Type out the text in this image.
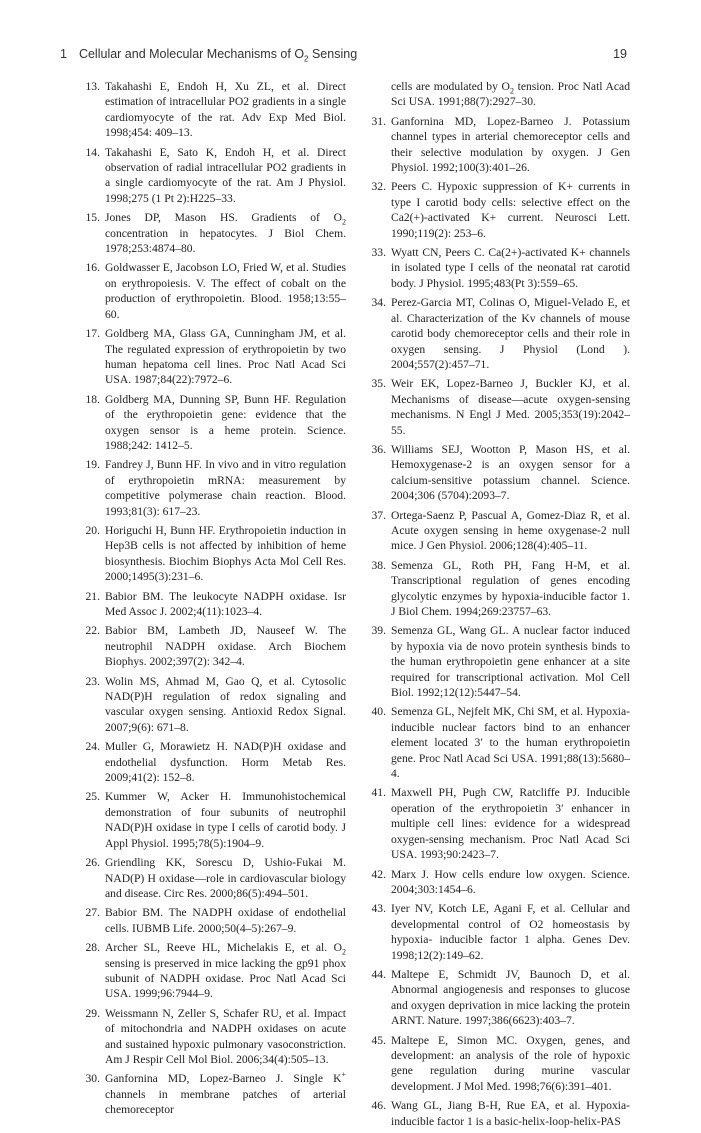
1 Cellular and Molecular Mechanisms of $O_2$ Sensing	19

13. Takahashi E, Endoh H, Xu ZL, et al. Direct estimation of intracellular PO2 gradients in a single cardiomyocyte of the rat. Adv Exp Med Biol. 1998;454: 409–13.

14. Takahashi E, Sato K, Endoh H, et al. Direct observation of radial intracellular PO2 gradients in a single cardiomyocyte of the rat. Am J Physiol. 1998;275 (1 Pt 2):H225–33.

15. Jones DP, Mason HS. Gradients of $O_2$ concentration in hepatocytes. J Biol Chem. 1978;253:4874–80.

16. Goldwasser E, Jacobson LO, Fried W, et al. Studies on erythropoiesis. V. The effect of cobalt on the production of erythropoietin. Blood. 1958;13:55–60.

17. Goldberg MA, Glass GA, Cunningham JM, et al. The regulated expression of erythropoietin by two human hepatoma cell lines. Proc Natl Acad Sci USA. 1987;84(22):7972–6.

18. Goldberg MA, Dunning SP, Bunn HF. Regulation of the erythropoietin gene: evidence that the oxygen sensor is a heme protein. Science. 1988;242: 1412–5.

19. Fandrey J, Bunn HF. In vivo and in vitro regulation of erythropoietin mRNA: measurement by competitive polymerase chain reaction. Blood. 1993;81(3): 617–23.

20. Horiguchi H, Bunn HF. Erythropoietin induction in Hep3B cells is not affected by inhibition of heme biosynthesis. Biochim Biophys Acta Mol Cell Res. 2000;1495(3):231–6.

21. Babior BM. The leukocyte NADPH oxidase. Isr Med Assoc J. 2002;4(11):1023–4.

22. Babior BM, Lambeth JD, Nauseef W. The neutrophil NADPH oxidase. Arch Biochem Biophys. 2002;397(2): 342–4.

23. Wolin MS, Ahmad M, Gao Q, et al. Cytosolic NAD(P)H regulation of redox signaling and vascular oxygen sensing. Antioxid Redox Signal. 2007;9(6): 671–8.

24. Muller G, Morawietz H. NAD(P)H oxidase and endothelial dysfunction. Horm Metab Res. 2009;41(2): 152–8.

25. Kummer W, Acker H. Immunohistochemical demonstration of four subunits of neutrophil NAD(P)H oxidase in type I cells of carotid body. J Appl Physiol. 1995;78(5):1904–9.

26. Griendling KK, Sorescu D, Ushio-Fukai M. NAD(P) H oxidase—role in cardiovascular biology and disease. Circ Res. 2000;86(5):494–501.

27. Babior BM. The NADPH oxidase of endothelial cells. IUBMB Life. 2000;50(4–5):267–9.

28. Archer SL, Reeve HL, Michelakis E, et al. $O_2$ sensing is preserved in mice lacking the gp91 phox subunit of NADPH oxidase. Proc Natl Acad Sci USA. 1999;96:7944–9.

29. Weissmann N, Zeller S, Schafer RU, et al. Impact of mitochondria and NADPH oxidases on acute and sustained hypoxic pulmonary vasoconstriction. Am J Respir Cell Mol Biol. 2006;34(4):505–13.

30. Ganfornina MD, Lopez-Barneo J. Single K+ channels in membrane patches of arterial chemoreceptor

cells are modulated by $O_2$ tension. Proc Natl Acad Sci USA. 1991;88(7):2927–30.

31. Ganfornina MD, Lopez-Barneo J. Potassium channel types in arterial chemoreceptor cells and their selective modulation by oxygen. J Gen Physiol. 1992;100(3):401–26.

32. Peers C. Hypoxic suppression of K+ currents in type I carotid body cells: selective effect on the Ca2(+)-activated K+ current. Neurosci Lett. 1990;119(2): 253–6.

33. Wyatt CN, Peers C. Ca(2+)-activated K+ channels in isolated type I cells of the neonatal rat carotid body. J Physiol. 1995;483(Pt 3):559–65.

34. Perez-Garcia MT, Colinas O, Miguel-Velado E, et al. Characterization of the Kv channels of mouse carotid body chemoreceptor cells and their role in oxygen sensing. J Physiol (Lond ). 2004;557(2):457–71.

35. Weir EK, Lopez-Barneo J, Buckler KJ, et al. Mechanisms of disease—acute oxygen-sensing mechanisms. N Engl J Med. 2005;353(19):2042–55.

36. Williams SEJ, Wootton P, Mason HS, et al. Hemoxygenase-2 is an oxygen sensor for a calcium-sensitive potassium channel. Science. 2004;306 (5704):2093–7.

37. Ortega-Saenz P, Pascual A, Gomez-Diaz R, et al. Acute oxygen sensing in heme oxygenase-2 null mice. J Gen Physiol. 2006;128(4):405–11.

38. Semenza GL, Roth PH, Fang H-M, et al. Transcriptional regulation of genes encoding glycolytic enzymes by hypoxia-inducible factor 1. J Biol Chem. 1994;269:23757–63.

39. Semenza GL, Wang GL. A nuclear factor induced by hypoxia via de novo protein synthesis binds to the human erythropoietin gene enhancer at a site required for transcriptional activation. Mol Cell Biol. 1992;12(12):5447–54.

40. Semenza GL, Nejfelt MK, Chi SM, et al. Hypoxia-inducible nuclear factors bind to an enhancer element located 3′ to the human erythropoietin gene. Proc Natl Acad Sci USA. 1991;88(13):5680–4.

41. Maxwell PH, Pugh CW, Ratcliffe PJ. Inducible operation of the erythropoietin 3′ enhancer in multiple cell lines: evidence for a widespread oxygen-sensing mechanism. Proc Natl Acad Sci USA. 1993;90:2423–7.

42. Marx J. How cells endure low oxygen. Science. 2004;303:1454–6.

43. Iyer NV, Kotch LE, Agani F, et al. Cellular and developmental control of O2 homeostasis by hypoxia- inducible factor 1 alpha. Genes Dev. 1998;12(2):149–62.

44. Maltepe E, Schmidt JV, Baunoch D, et al. Abnormal angiogenesis and responses to glucose and oxygen deprivation in mice lacking the protein ARNT. Nature. 1997;386(6623):403–7.

45. Maltepe E, Simon MC. Oxygen, genes, and development: an analysis of the role of hypoxic gene regulation during murine vascular development. J Mol Med. 1998;76(6):391–401.

46. Wang GL, Jiang B-H, Rue EA, et al. Hypoxia-inducible factor 1 is a basic-helix-loop-helix-PAS
